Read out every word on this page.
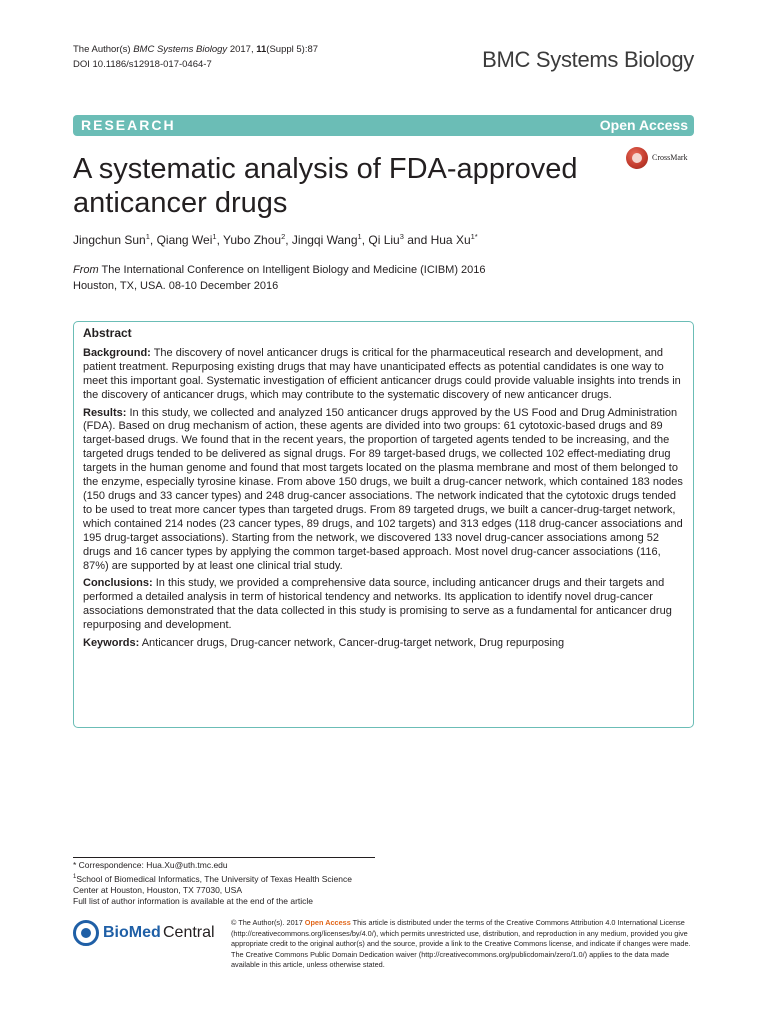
The Author(s) BMC Systems Biology 2017, 11(Suppl 5):87
DOI 10.1186/s12918-017-0464-7	BMC Systems Biology
RESEARCH	Open Access
A systematic analysis of FDA-approved anticancer drugs
CrossMark
Jingchun Sun$^1$, Qiang Wei$^1$, Yubo Zhou$^2$, Jingqi Wang$^1$, Qi Liu$^3$ and Hua $Xu^{1*}$
From The International Conference on Intelligent Biology and Medicine (ICIBM) 2016
Houston, TX, USA. 08-10 December 2016
Abstract

Background: The discovery of novel anticancer drugs is critical for the pharmaceutical research and development, and patient treatment. Repurposing existing drugs that may have unanticipated effects as potential candidates is one way to meet this important goal. Systematic investigation of efficient anticancer drugs could provide valuable insights into trends in the discovery of anticancer drugs, which may contribute to the systematic discovery of new anticancer drugs.

Results: In this study, we collected and analyzed 150 anticancer drugs approved by the US Food and Drug Administration (FDA). Based on drug mechanism of action, these agents are divided into two groups: 61 cytotoxic-based drugs and 89 target-based drugs. We found that in the recent years, the proportion of targeted agents tended to be increasing, and the targeted drugs tended to be delivered as signal drugs. For 89 target-based drugs, we collected 102 effect-mediating drug targets in the human genome and found that most targets located on the plasma membrane and most of them belonged to the enzyme, especially tyrosine kinase. From above 150 drugs, we built a drug-cancer network, which contained 183 nodes (150 drugs and 33 cancer types) and 248 drug-cancer associations. The network indicated that the cytotoxic drugs tended to be used to treat more cancer types than targeted drugs. From 89 targeted drugs, we built a cancer-drug-target network, which contained 214 nodes (23 cancer types, 89 drugs, and 102 targets) and 313 edges (118 drug-cancer associations and 195 drug-target associations). Starting from the network, we discovered 133 novel drug-cancer associations among 52 drugs and 16 cancer types by applying the common target-based approach. Most novel drug-cancer associations (116, 87%) are supported by at least one clinical trial study.

Conclusions: In this study, we provided a comprehensive data source, including anticancer drugs and their targets and performed a detailed analysis in term of historical tendency and networks. Its application to identify novel drug-cancer associations demonstrated that the data collected in this study is promising to serve as a fundamental for anticancer drug repurposing and development.

Keywords: Anticancer drugs, Drug-cancer network, Cancer-drug-target network, Drug repurposing

* Correspondence: Hua.Xu@uth.tmc.edu
$^1$School of Biomedical Informatics, The University of Texas Health Science
Center at Houston, Houston, TX 77030, USA
Full list of author information is available at the end of the article
BioMed Central
© The Author(s). 2017 Open Access This article is distributed under the terms of the Creative Commons Attribution 4.0 International License (http://creativecommons.org/licenses/by/4.0/), which permits unrestricted use, distribution, and reproduction in any medium, provided you give appropriate credit to the original author(s) and the source, provide a link to the Creative Commons license, and indicate if changes were made. The Creative Commons Public Domain Dedication waiver (http://creativecommons.org/publicdomain/zero/1.0/) applies to the data made available in this article, unless otherwise stated.
